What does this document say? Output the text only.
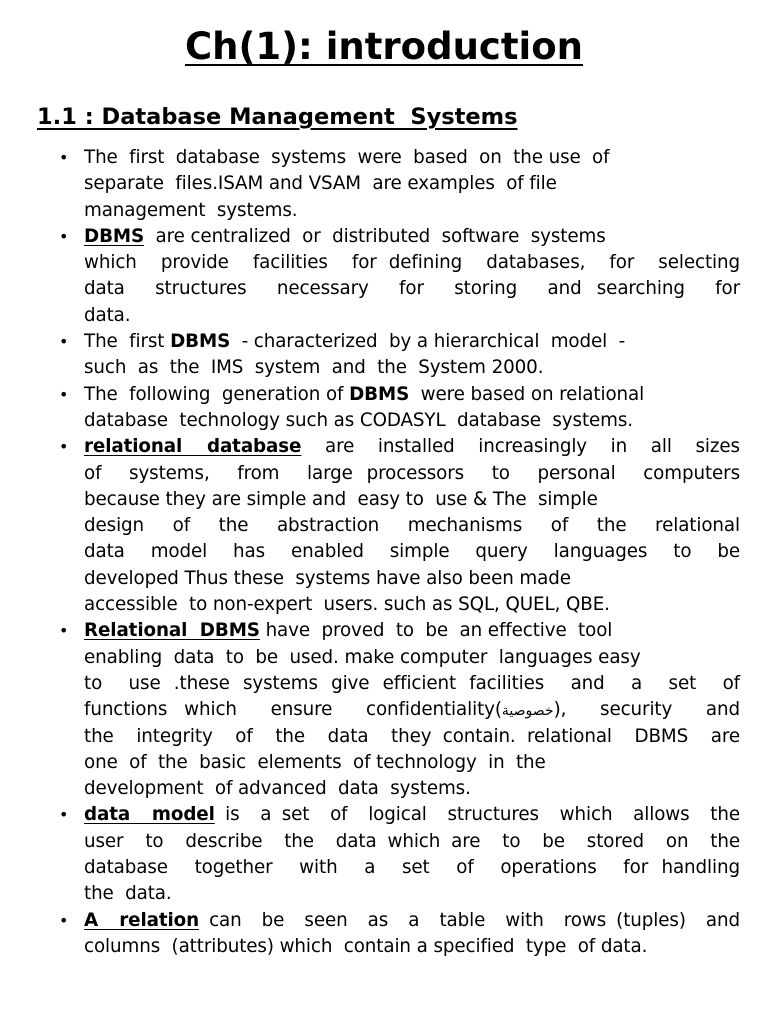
Ch(1): introduction
1.1 : Database Management  Systems
• The  first  database  systems  were  based  on  the use  of
separate  files.ISAM and VSAM  are examples  of file
management  systems.
• DBMS  are centralized  or  distributed  software  systems
which  provide  facilities  for defining  databases,  for  selecting
data  structures  necessary  for  storing  and searching  for
data.
• The  first DBMS  - characterized  by a hierarchical  model  -
such  as  the  IMS  system  and  the  System 2000.
• The  following  generation of DBMS  were based on relational
database  technology such as CODASYL  database  systems.
• relational  database  are  installed  increasingly  in  all  sizes
of  systems,  from  large processors  to  personal  computers
because they are simple and  easy to  use & The  simple
design  of  the  abstraction  mechanisms  of  the  relational
data  model  has  enabled  simple  query  languages  to  be
developed Thus these  systems have also been made
accessible  to non-expert  users. such as SQL, QUEL, QBE.
• Relational  DBMS have  proved  to  be  an effective  tool
enabling  data  to  be  used. make computer  languages easy
to  use .these systems give efficient facilities  and  a  set  of
functions which  ensure  confidentiality(خصوصية),  security  and
the  integrity  of  the  data  they contain. relational  DBMS  are
one  of  the  basic  elements  of technology  in  the
development  of advanced  data  systems.
• data  model is  a set  of  logical  structures  which  allows  the
user  to  describe  the  data which are  to  be  stored  on  the
database  together  with  a  set  of  operations  for handling
the  data.
• A  relation can  be  seen  as  a  table  with  rows (tuples)  and
columns  (attributes) which  contain a specified  type  of data.
